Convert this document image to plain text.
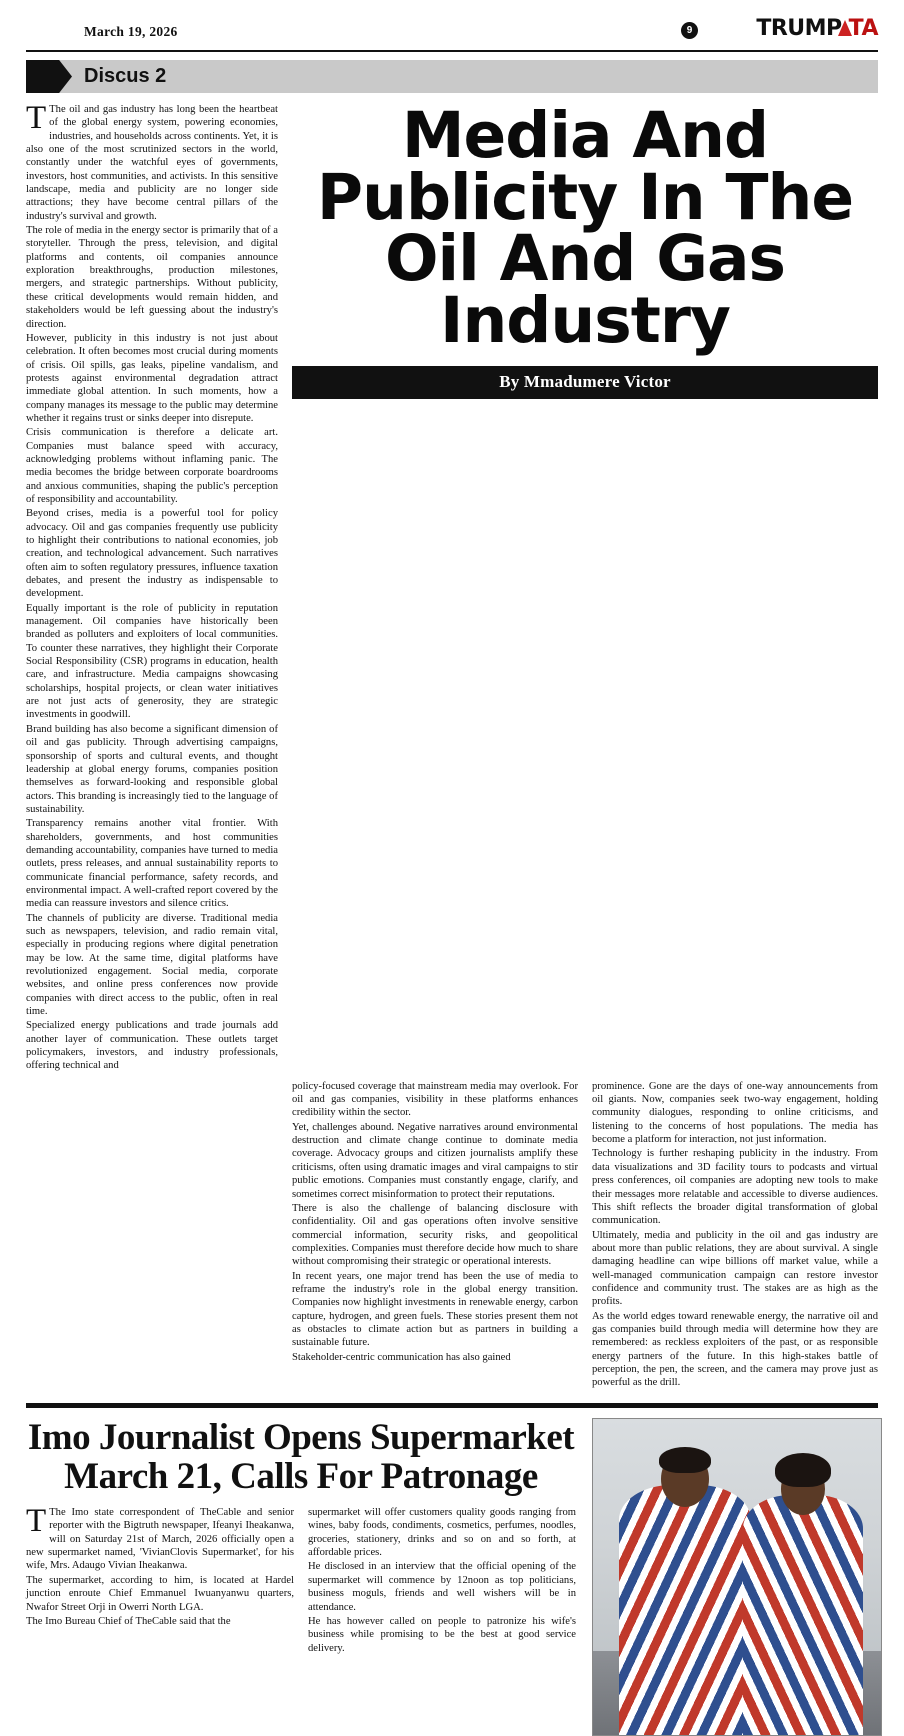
March 19, 2026	9	TRUMP TA
Discus 2

T The oil and gas industry has long been the heartbeat of the global energy system, powering economies, industries, and households across continents. Yet, it is also one of the most scrutinized sectors in the world, constantly under the watchful eyes of governments, investors, host communities, and activists. In this sensitive landscape, media and publicity are no longer side attractions; they have become central pillars of the industry's survival and growth.

The role of media in the energy sector is primarily that of a storyteller. Through the press, television, and digital platforms and contents, oil companies announce exploration breakthroughs, production milestones, mergers, and strategic partnerships. Without publicity, these critical developments would remain hidden, and stakeholders would be left guessing about the industry's direction.

However, publicity in this industry is not just about celebration. It often becomes most crucial during moments of crisis. Oil spills, gas leaks, pipeline vandalism, and protests against environmental degradation attract immediate global attention. In such moments, how a company manages its message to the public may determine whether it regains trust or sinks deeper into disrepute.

Crisis communication is therefore a delicate art. Companies must balance speed with accuracy, acknowledging problems without inflaming panic. The media becomes the bridge between corporate boardrooms and anxious communities, shaping the public's perception of responsibility and accountability.

Beyond crises, media is a powerful tool for policy advocacy. Oil and gas companies frequently use publicity to highlight their contributions to national economies, job creation, and technological advancement. Such narratives often aim to soften regulatory pressures, influence taxation debates, and present the industry as indispensable to development.

Equally important is the role of publicity in reputation management. Oil companies have historically been branded as polluters and exploiters of local communities. To counter these narratives, they highlight their Corporate Social Responsibility (CSR) programs in education, health care, and infrastructure. Media campaigns showcasing scholarships, hospital projects, or clean water initiatives are not just acts of generosity, they are strategic investments in goodwill.

Brand building has also become a significant dimension of oil and gas publicity. Through advertising campaigns, sponsorship of sports and cultural events, and thought leadership at global energy forums, companies position themselves as forward-looking and responsible global actors. This branding is increasingly tied to the language of sustainability.

Transparency remains another vital frontier. With shareholders, governments, and host communities demanding accountability, companies have turned to media outlets, press releases, and annual sustainability reports to communicate financial performance, safety records, and environmental impact. A well-crafted report covered by the media can reassure investors and silence critics.

The channels of publicity are diverse. Traditional media such as newspapers, television, and radio remain vital, especially in producing regions where digital penetration may be low. At the same time, digital platforms have revolutionized engagement. Social media, corporate websites, and online press conferences now provide companies with direct access to the public, often in real time.

Specialized energy publications and trade journals add another layer of communication. These outlets target policymakers, investors, and industry professionals, offering technical and

Media And Publicity In The Oil And Gas Industry
By Mmadumere Victor

policy-focused coverage that mainstream media may overlook. For oil and gas companies, visibility in these platforms enhances credibility within the sector.

Yet, challenges abound. Negative narratives around environmental destruction and climate change continue to dominate media coverage. Advocacy groups and citizen journalists amplify these criticisms, often using dramatic images and viral campaigns to stir public emotions. Companies must constantly engage, clarify, and sometimes correct misinformation to protect their reputations.

There is also the challenge of balancing disclosure with confidentiality. Oil and gas operations often involve sensitive commercial information, security risks, and geopolitical complexities. Companies must therefore decide how much to share without compromising their strategic or operational interests.

In recent years, one major trend has been the use of media to reframe the industry's role in the global energy transition. Companies now highlight investments in renewable energy, carbon capture, hydrogen, and green fuels. These stories present them not as obstacles to climate action but as partners in building a sustainable future.

Stakeholder-centric communication has also gained

prominence. Gone are the days of one-way announcements from oil giants. Now, companies seek two-way engagement, holding community dialogues, responding to online criticisms, and listening to the concerns of host populations. The media has become a platform for interaction, not just information.

Technology is further reshaping publicity in the industry. From data visualizations and 3D facility tours to podcasts and virtual press conferences, oil companies are adopting new tools to make their messages more relatable and accessible to diverse audiences. This shift reflects the broader digital transformation of global communication.

Ultimately, media and publicity in the oil and gas industry are about more than public relations, they are about survival. A single damaging headline can wipe billions off market value, while a well-managed communication campaign can restore investor confidence and community trust. The stakes are as high as the profits.

As the world edges toward renewable energy, the narrative oil and gas companies build through media will determine how they are remembered: as reckless exploiters of the past, or as responsible energy partners of the future. In this high-stakes battle of perception, the pen, the screen, and the camera may prove just as powerful as the drill.

Imo Journalist Opens Supermarket March 21, Calls For Patronage

T The Imo state correspondent of TheCable and senior reporter with the Bigtruth newspaper, Ifeanyi Iheakanwa, will on Saturday 21st of March, 2026 officially open a new supermarket named, 'VivianClovis Supermarket', for his wife, Mrs. Adaugo Vivian Iheakanwa.

The supermarket, according to him, is located at Hardel junction enroute Chief Emmanuel Iwuanyanwu quarters, Nwafor Street Orji in Owerri North LGA.

The Imo Bureau Chief of TheCable said that the

supermarket will offer customers quality goods ranging from wines, baby foods, condiments, cosmetics, perfumes, noodles, groceries, stationery, drinks and so on and so forth, at affordable prices.

He disclosed in an interview that the official opening of the supermarket will commence by 12noon as top politicians, business moguls, friends and well wishers will be in attendance.

He has however called on people to patronize his wife's business while promising to be the best at good service delivery.
